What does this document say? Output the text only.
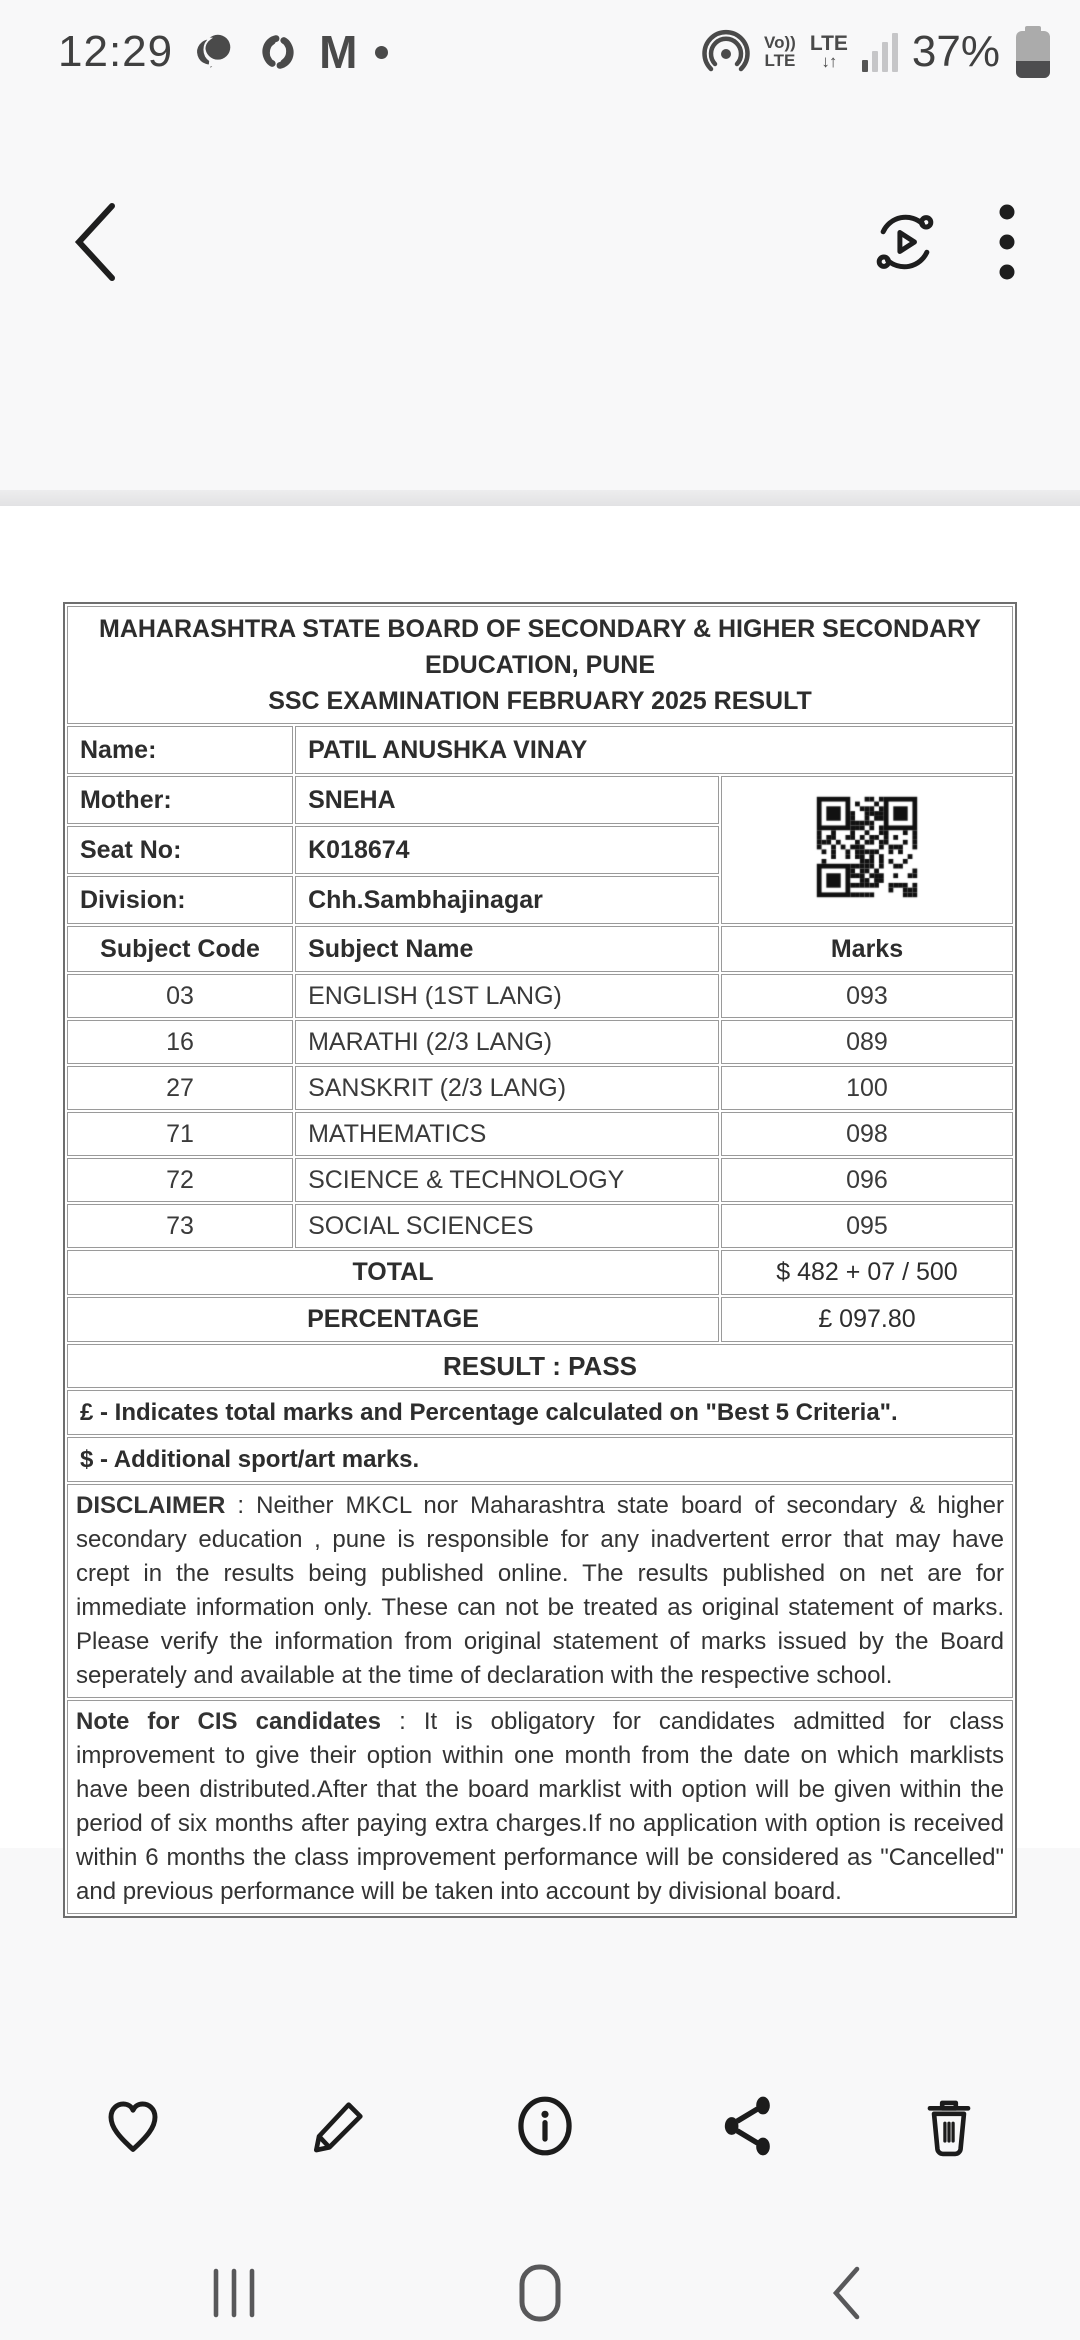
12:29	M	Vo))
LTE
LTE
↓↑ 37%
MAHARASHTRA STATE BOARD OF SECONDARY & HIGHER SECONDARY EDUCATION, PUNE
SSC EXAMINATION FEBRUARY 2025 RESULT		

Name:	PATIL ANUSHKA VINAY	
Mother:	SNEHA	
Seat No:	K018674	
Division:	Chh.Sambhajinagar	
Subject Code	Subject Name	Marks
03	ENGLISH (1ST LANG)	093
16	MARATHI (2/3 LANG)	089
27	SANSKRIT (2/3 LANG)	100
71	MATHEMATICS	098
72	SCIENCE & TECHNOLOGY	096
73	SOCIAL SCIENCES	095
TOTAL		$ 482 + 07 / 500
PERCENTAGE		£ 097.80
RESULT : PASS		
£ - Indicates total marks and Percentage calculated on "Best 5 Criteria".		
$ - Additional sport/art marks.		
DISCLAIMER : Neither MKCL nor Maharashtra state board of secondary & higher secondary education , pune is responsible for any inadvertent error that may have crept in the results being published online. The results published on net are for immediate information only. These can not be treated as original statement of marks. Please verify the information from original statement of marks issued by the Board seperately and available at the time of declaration with the respective school.		
Note for CIS candidates : It is obligatory for candidates admitted for class improvement to give their option within one month from the date on which marklists have been distributed.After that the board marklist with option will be given within the period of six months after paying extra charges.If no application with option is received within 6 months the class improvement performance will be considered as "Cancelled" and previous performance will be taken into account by divisional board.		
